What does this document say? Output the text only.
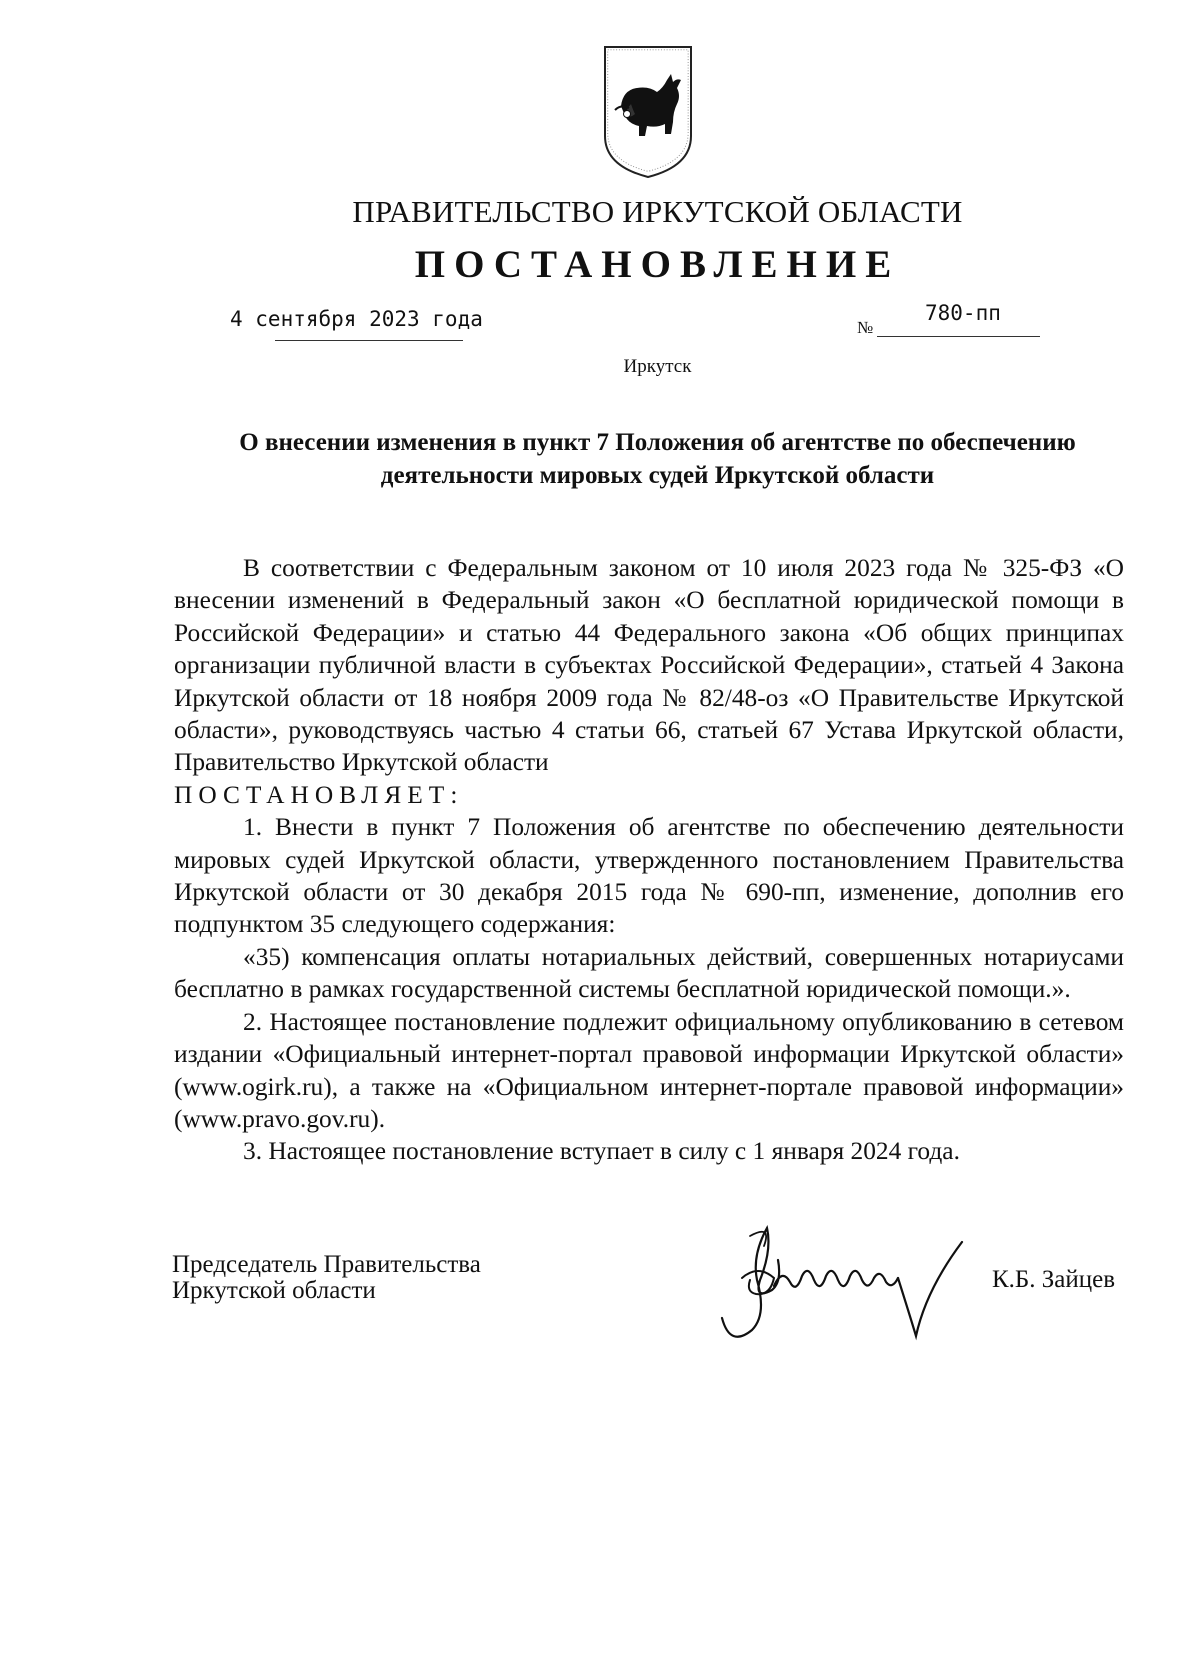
ПРАВИТЕЛЬСТВО ИРКУТСКОЙ ОБЛАСТИ
ПОСТАНОВЛЕНИЕ
4 сентября 2023 года	№
780-пп
Иркутск
О внесении изменения в пункт 7 Положения об агентстве по обеспечению
деятельности мировых судей Иркутской области

В соответствии с Федеральным законом от 10 июля 2023 года № 325-ФЗ «О внесении изменений в Федеральный закон «О бесплатной юридической помощи в Российской Федерации» и статью 44 Федерального закона «Об общих принципах организации публичной власти в субъектах Российской Федерации», статьей 4 Закона Иркутской области от 18 ноября 2009 года № 82/48-оз «О Правительстве Иркутской области», руководствуясь частью 4 статьи 66, статьей 67 Устава Иркутской области, Правительство Иркутской области

ПОСТАНОВЛЯЕТ:

1. Внести в пункт 7 Положения об агентстве по обеспечению деятельности мировых судей Иркутской области, утвержденного постановлением Правительства Иркутской области от 30 декабря 2015 года № 690-пп, изменение, дополнив его подпунктом 35 следующего содержания:

«35) компенсация оплаты нотариальных действий, совершенных нотариусами бесплатно в рамках государственной системы бесплатной юридической помощи.».

2. Настоящее постановление подлежит официальному опубликованию в сетевом издании «Официальный интернет-портал правовой информации Иркутской области» (www.ogirk.ru), а также на «Официальном интернет-портале правовой информации» (www.pravo.gov.ru).

3. Настоящее постановление вступает в силу с 1 января 2024 года.

Председатель Правительства
Иркутской области	К.Б. Зайцев
